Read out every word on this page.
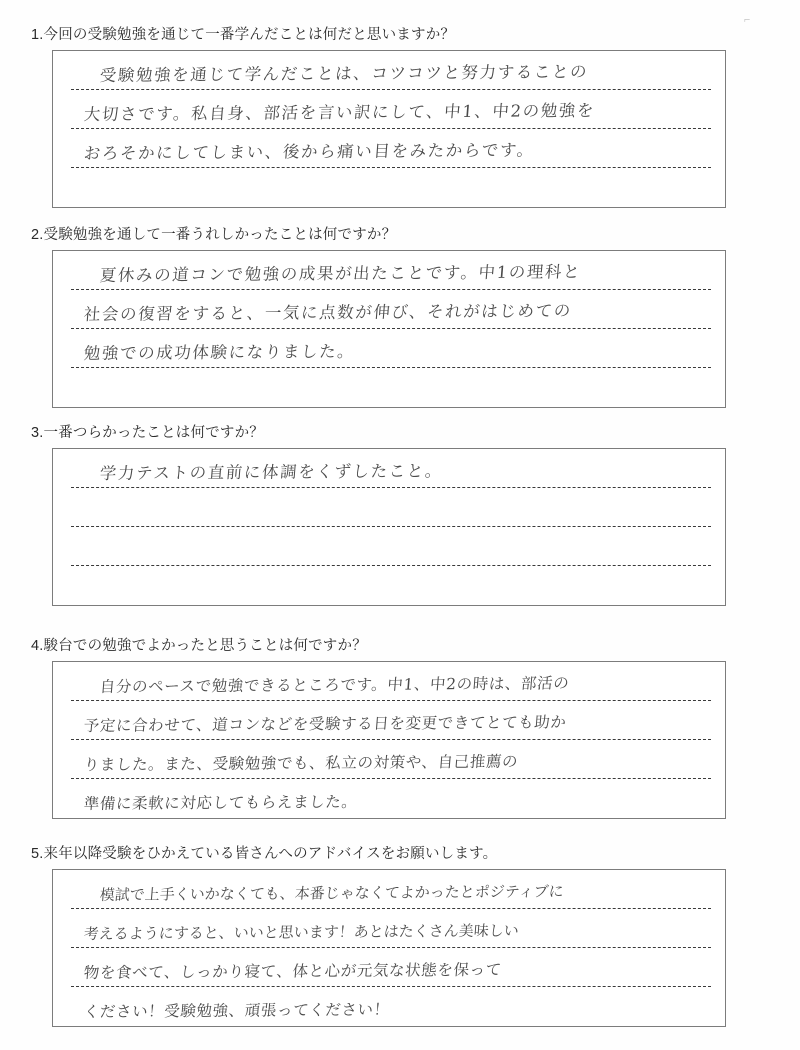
⌐

1.今回の受験勉強を通じて一番学んだことは何だと思いますか？

受験勉強を通じて学んだことは、コツコツと努力することの
大切さです。私自身、部活を言い訳にして、中1、中2の勉強を
おろそかにしてしまい、後から痛い目をみたからです。

2.受験勉強を通して一番うれしかったことは何ですか？

夏休みの道コンで勉強の成果が出たことです。中1の理科と
社会の復習をすると、一気に点数が伸び、それがはじめての
勉強での成功体験になりました。

3.一番つらかったことは何ですか？

学力テストの直前に体調をくずしたこと。

4.駿台での勉強でよかったと思うことは何ですか？

自分のペースで勉強できるところです。中1、中2の時は、部活の
予定に合わせて、道コンなどを受験する日を変更できてとても助か
りました。また、受験勉強でも、私立の対策や、自己推薦の
準備に柔軟に対応してもらえました。

5.来年以降受験をひかえている皆さんへのアドバイスをお願いします。

模試で上手くいかなくても、本番じゃなくてよかったとポジティブに
考えるようにすると、いいと思います！あとはたくさん美味しい
物を食べて、しっかり寝て、体と心が元気な状態を保って
ください！受験勉強、頑張ってください！
